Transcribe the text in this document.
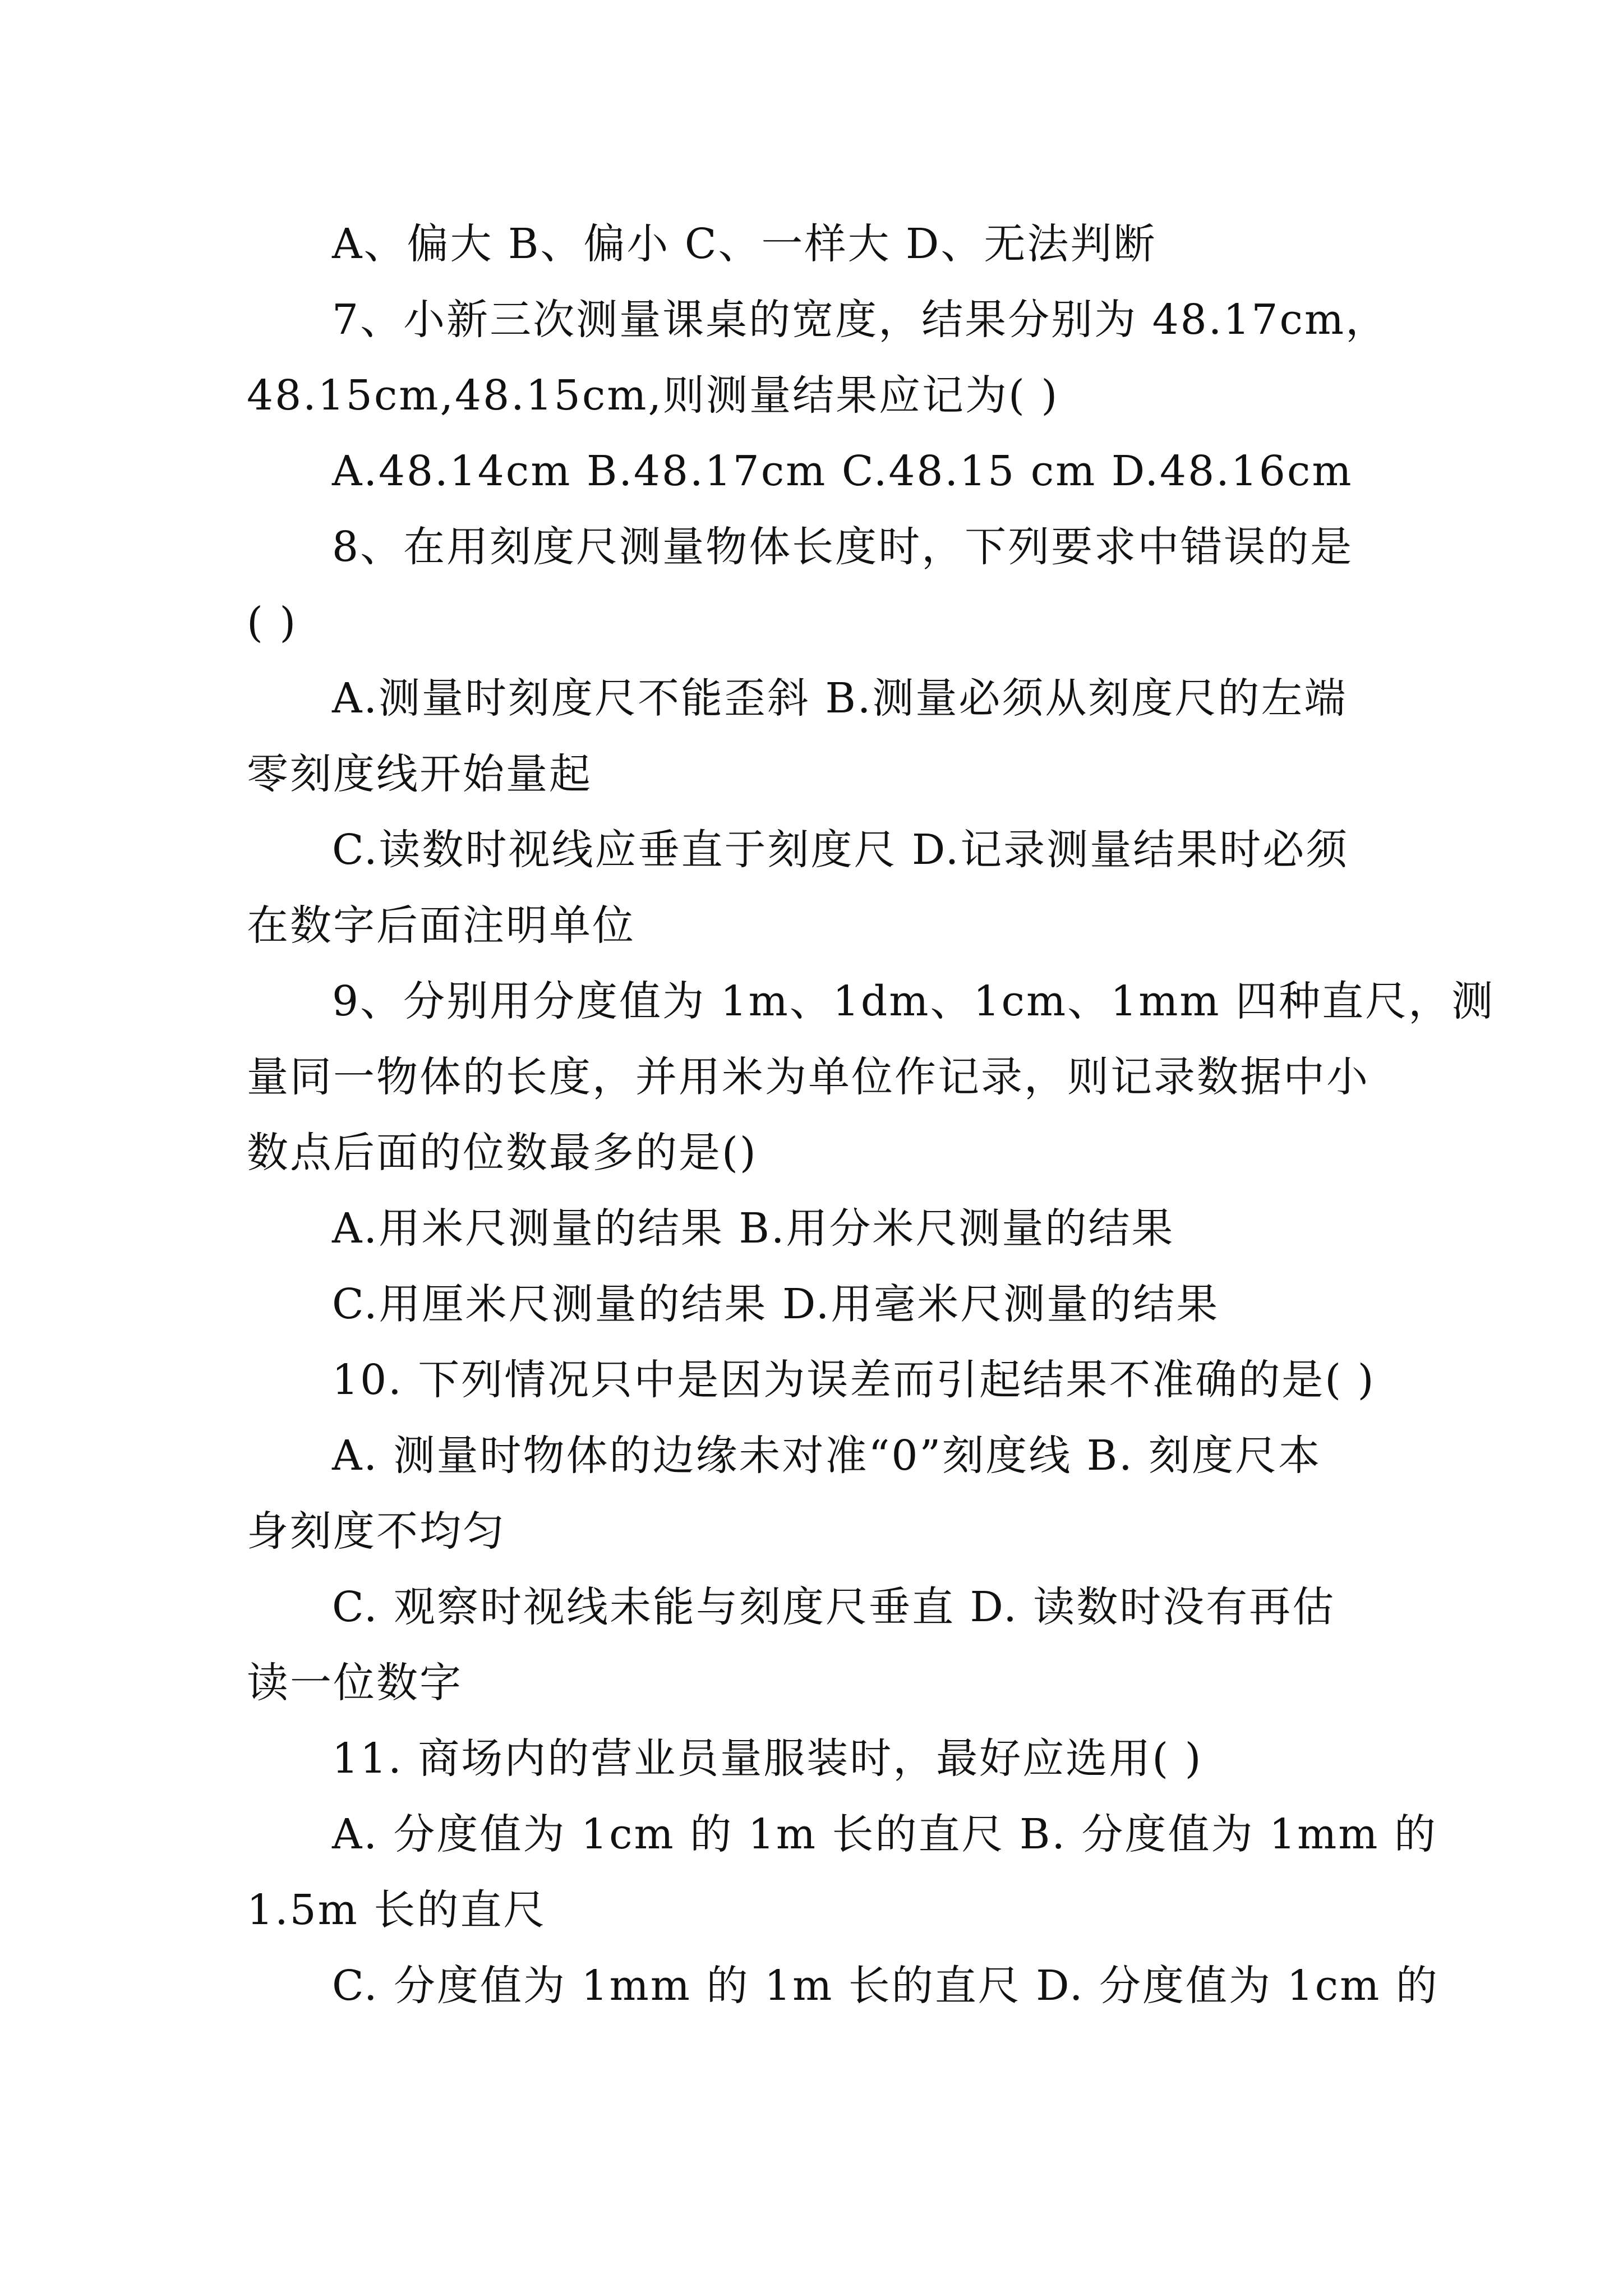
A、偏大 B、偏小 C、一样大 D、无法判断
7、小新三次测量课桌的宽度，结果分别为 48.17cm，
48.15cm,48.15cm,则测量结果应记为( )
A.48.14cm B.48.17cm C.48.15 cm D.48.16cm
8、在用刻度尺测量物体长度时，下列要求中错误的是
( )
A.测量时刻度尺不能歪斜 B.测量必须从刻度尺的左端
零刻度线开始量起
C.读数时视线应垂直于刻度尺 D.记录测量结果时必须
在数字后面注明单位
9、分别用分度值为 1m、1dm、1cm、1mm 四种直尺，测
量同一物体的长度，并用米为单位作记录，则记录数据中小
数点后面的位数最多的是()
A.用米尺测量的结果 B.用分米尺测量的结果
C.用厘米尺测量的结果 D.用毫米尺测量的结果
10. 下列情况只中是因为误差而引起结果不准确的是( )
A. 测量时物体的边缘未对准“0”刻度线 B. 刻度尺本
身刻度不均匀
C. 观察时视线未能与刻度尺垂直 D. 读数时没有再估
读一位数字
11. 商场内的营业员量服装时，最好应选用( )
A. 分度值为 1cm 的 1m 长的直尺 B. 分度值为 1mm 的
1.5m 长的直尺
C. 分度值为 1mm 的 1m 长的直尺 D. 分度值为 1cm 的
